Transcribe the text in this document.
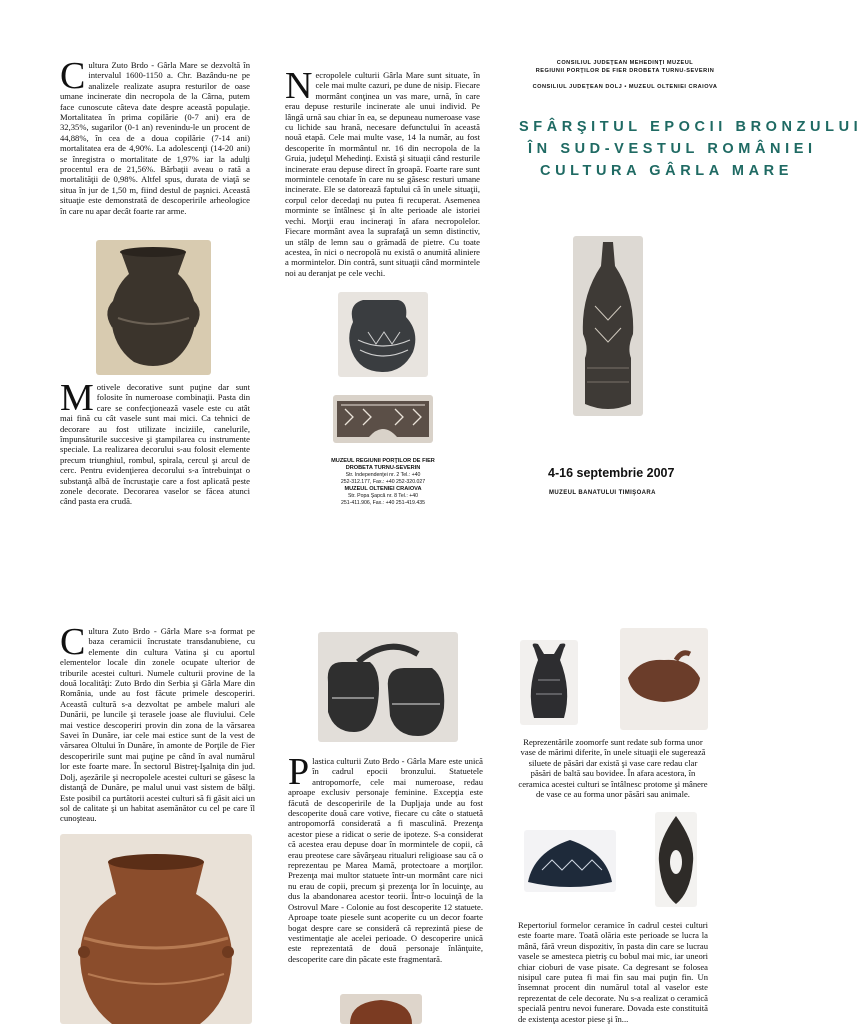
C ultura Zuto Brdo - Gârla Mare se dezvoltă în intervalul 1600-1150 a. Chr. Bazându-ne pe analizele realizate asupra resturilor de oase umane incinerate din necropola de la Cârna, putem face cunoscute câteva date despre această populaţie. Mortalitatea în prima copilărie (0-7 ani) era de 32,35%, sugarilor (0-1 an) revenindu-le un procent de 44,88%, în cea de a doua copilărie (7-14 ani) mortalitatea era de 4,90%. La adolescenţi (14-20 ani) se înregistra o mortalitate de 1,97% iar la adulţi procentul era de 21,56%. Bărbaţii aveau o rată a mortalităţii de 0,98%. Altfel spus, durata de viaţă se situa în jur de 1,50 m, fiind destul de paşnici. Această situaţie este demonstrată de descoperirile arheologice în care nu apar decât foarte rar arme.
M otivele decorative sunt puţine dar sunt folosite în numeroase combinaţii. Pasta din care se confecţionează vasele este cu atât mai fină cu cât vasele sunt mai mici. Ca tehnici de decorare au fost utilizate inciziile, canelurile, împunsăturile succesive şi ştampilarea cu instrumente speciale. La realizarea decorului s-au folosit elemente precum triunghiul, rombul, spirala, cercul şi arcul de cerc. Pentru evidenţierea decorului s-a întrebuinţat o substanţă albă de încrustaţie care a fost aplicată peste zonele decorate. Decorarea vaselor se făcea atunci când pasta era crudă.
N ecropolele culturii Gârla Mare sunt situate, în cele mai multe cazuri, pe dune de nisip. Fiecare mormânt conţinea un vas mare, urnă, în care erau depuse resturile incinerate ale unui individ. Pe lângă urnă sau chiar în ea, se depuneau numeroase vase cu lichide sau hrană, necesare defunctului în această nouă etapă. Cele mai multe vase, 14 la număr, au fost descoperite în mormântul nr. 16 din necropola de la Gruia, judeţul Mehedinţi. Există şi situaţii când resturile incinerate erau depuse direct în groapă. Foarte rare sunt mormintele cenotafe în care nu se găsesc resturi umane incinerate. Ele se datorează faptului că în unele situaţii, corpul celor decedaţi nu putea fi recuperat. Asemenea morminte se întâlnesc şi în alte perioade ale istoriei vechi. Morţii erau incineraţi în afara necropolelor. Fiecare mormânt avea la suprafaţă un semn distinctiv, un stâlp de lemn sau o grămadă de pietre. Cu toate acestea, în nici o necropolă nu există o anumită aliniere a mormintelor. Din contră, sunt situaţii când mormintele noi au deranjat pe cele vechi.
MUZEUL REGIUNII PORŢILOR DE FIER
DROBETA TURNU-SEVERIN
Str. Independenţei nr. 2 Tel.: +40
252-312.177, Fax.: +40 252-320.027
MUZEUL OLTENIEI CRAIOVA
Str. Popa Şapcă nr. 8 Tel.: +40
251-411.906, Fax.: +40 251-419.435
CONSILIUL JUDEŢEAN MEHEDINŢI MUZEUL
REGIUNII PORŢILOR DE FIER DROBETA TURNU-SEVERIN
CONSILIUL JUDEŢEAN DOLJ • MUZEUL OLTENIEI CRAIOVA
SFÂRŞITUL EPOCII BRONZULUI
ÎN SUD-VESTUL ROMÂNIEI
CULTURA GÂRLA MARE
4-16 septembrie 2007
MUZEUL BANATULUI TIMIŞOARA
C ultura Zuto Brdo - Gârla Mare s-a format pe baza ceramicii încrustate transdanubiene, cu elemente din cultura Vatina şi cu aportul elementelor locale din zonele ocupate ulterior de triburile acestei culturi. Numele culturii provine de la două localităţi: Zuto Brdo din Serbia şi Gârla Mare din România, unde au fost făcute primele descoperiri. Această cultură s-a dezvoltat pe ambele maluri ale Dunării, pe luncile şi terasele joase ale fluviului. Cele mai vestice descoperiri provin din zona de la vărsarea Savei în Dunăre, iar cele mai estice sunt de la vest de vărsarea Oltului în Dunăre, în amonte de Porţile de Fier descoperirile sunt mai puţine pe când în aval numărul lor este foarte mare. În sectorul Bistreţ-Işalniţa din jud. Dolj, aşezările şi necropolele acestei culturi se găsesc la distanţă de Dunăre, pe malul unui vast sistem de bălţi. Este posibil ca purtătorii acestei culturi să fi găsit aici un sol de calitate şi un habitat asemănător cu cel pe care îl cunoşteau.
P lastica culturii Zuto Brdo - Gârla Mare este unică în cadrul epocii bronzului. Statuetele antropomorfe, cele mai numeroase, redau aproape exclusiv personaje feminine. Excepţia este făcută de descoperirile de la Dupljaja unde au fost descoperite două care votive, fiecare cu câte o statuetă antropomorfă considerată a fi masculină. Prezenţa acestor piese a ridicat o serie de ipoteze. S-a considerat că acestea erau depuse doar în mormintele de copii, că erau preotese care săvârşeau ritualuri religioase sau că o reprezentau pe Marea Mamă, protectoare a morţilor. Prezenţa mai multor statuete într-un mormânt care nici nu erau de copii, precum şi prezenţa lor în locuinţe, au dus la abandonarea acestor teorii. Într-o locuinţă de la Ostrovul Mare - Colonie au fost descoperite 12 statuete. Aproape toate piesele sunt acoperite cu un decor foarte bogat despre care se consideră că reprezintă piese de vestimentaţie ale acelei perioade. O descoperire unică este reprezentată de două personaje înlănţuite, descoperite care din păcate este fragmentară.
Reprezentările zoomorfe sunt redate sub forma unor vase de mărimi diferite, în unele situaţii ele sugerează siluete de păsări dar există şi vase care redau clar păsări de baltă sau bovidee. În afara acestora, în ceramica acestei culturi se întâlnesc protome şi mânere de vase ce au forma unor păsări sau animale.
Repertoriul formelor ceramice în cadrul cestei culturi este foarte mare. Toată olăria este perioade se lucra la mână, fără vreun dispozitiv, în pasta din care se lucrau vasele se amesteca pietriş cu bobul mai mic, iar uneori chiar cioburi de vase pisate. Ca degresant se folosea nisipul care putea fi mai fin sau mai puţin fin. Un însemnat procent din numărul total al vaselor este reprezentat de cele decorate. Nu s-a realizat o ceramică specială pentru nevoi funerare. Dovada este constituită de existenţa acestor piese şi în...
